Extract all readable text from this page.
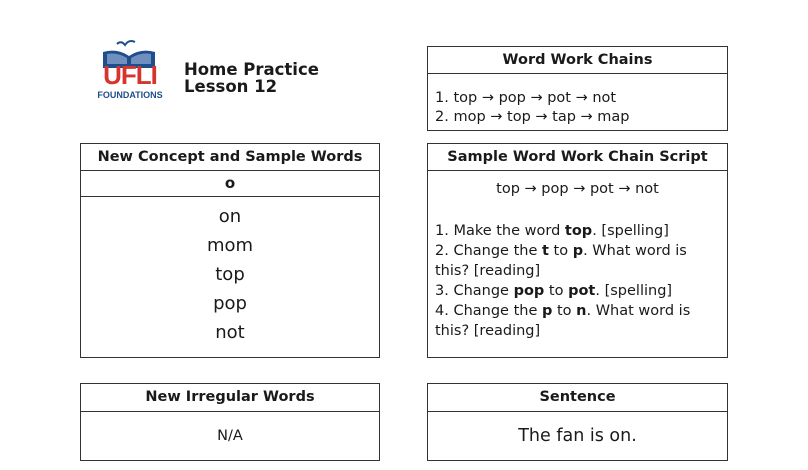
UFLI
FOUNDATIONS
Home Practice
Lesson 12
New Concept and Sample Words
o
on
mom
top
pop
not
New Irregular Words
N/A
Word Work Chains
1. top → pop → pot → not
2. mop → top → tap → map
Sample Word Work Chain Script
top → pop → pot → not

1. Make the word top. [spelling]

2. Change the t to p. What word is this? [reading]

3. Change pop to pot. [spelling]

4. Change the p to n. What word is this? [reading]

Sentence
The fan is on.
